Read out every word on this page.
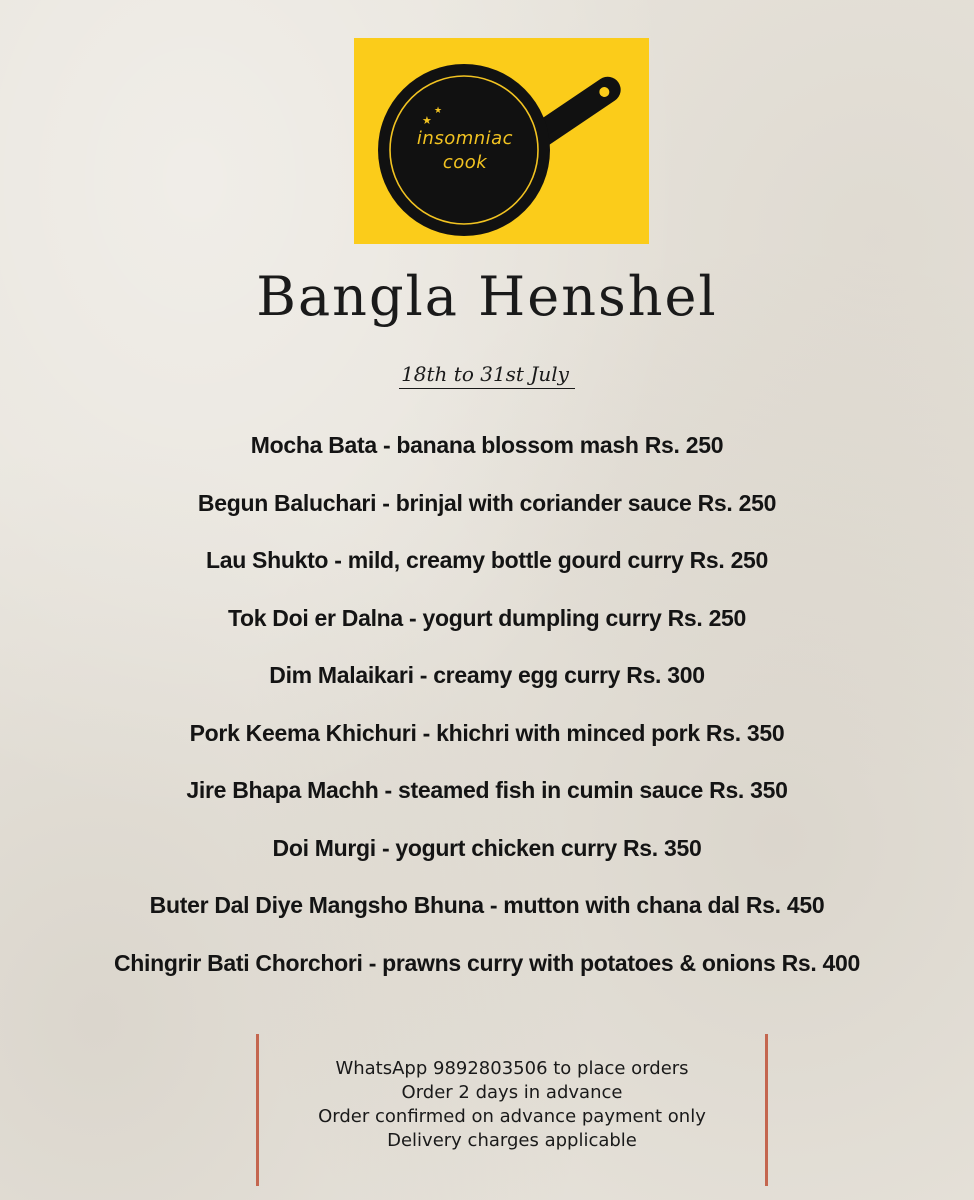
★
★
insomniac
cook
Bangla Henshel
18th to 31st July
Mocha Bata - banana blossom mash Rs. 250
Begun Baluchari - brinjal with coriander sauce Rs. 250
Lau Shukto - mild, creamy bottle gourd curry Rs. 250
Tok Doi er Dalna - yogurt dumpling curry Rs. 250
Dim Malaikari - creamy egg curry Rs. 300
Pork Keema Khichuri - khichri with minced pork Rs. 350
Jire Bhapa Machh - steamed fish in cumin sauce Rs. 350
Doi Murgi - yogurt chicken curry Rs. 350
Buter Dal Diye Mangsho Bhuna - mutton with chana dal Rs. 450
Chingrir Bati Chorchori - prawns curry with potatoes & onions Rs. 400
WhatsApp 9892803506 to place orders
Order 2 days in advance
Order confirmed on advance payment only
Delivery charges applicable
